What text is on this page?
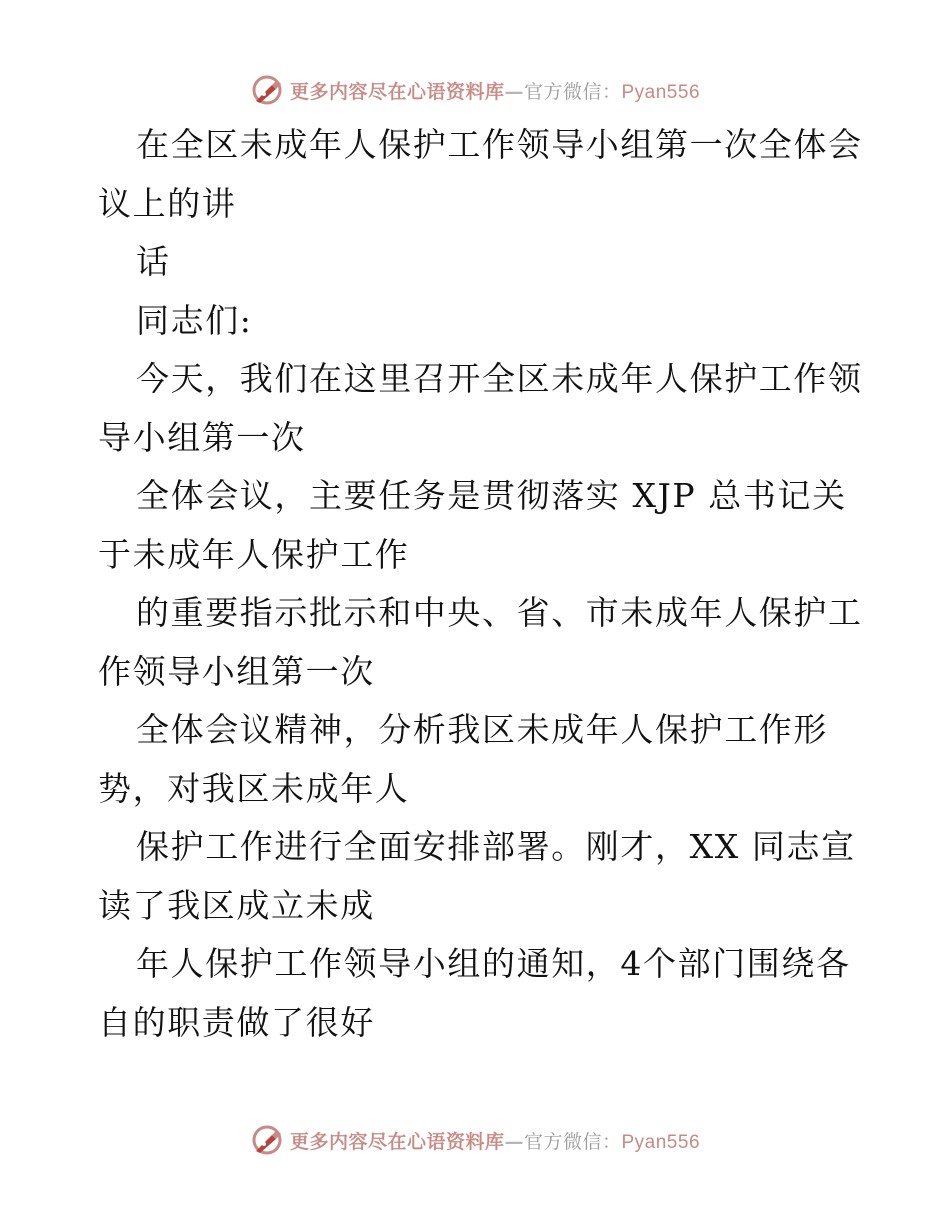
更多内容尽在心语资料库—官方微信：Pyan556
在全区未成年人保护工作领导小组第一次全体会
议上的讲
话
同志们:
今天，我们在这里召开全区未成年人保护工作领
导小组第一次
全体会议，主要任务是贯彻落实 XJP 总书记关
于未成年人保护工作
的重要指示批示和中央、省、市未成年人保护工
作领导小组第一次
全体会议精神，分析我区未成年人保护工作形
势，对我区未成年人
保护工作进行全面安排部署。刚才，XX 同志宣
读了我区成立未成
年人保护工作领导小组的通知，4个部门围绕各
自的职责做了很好
更多内容尽在心语资料库—官方微信：Pyan556
